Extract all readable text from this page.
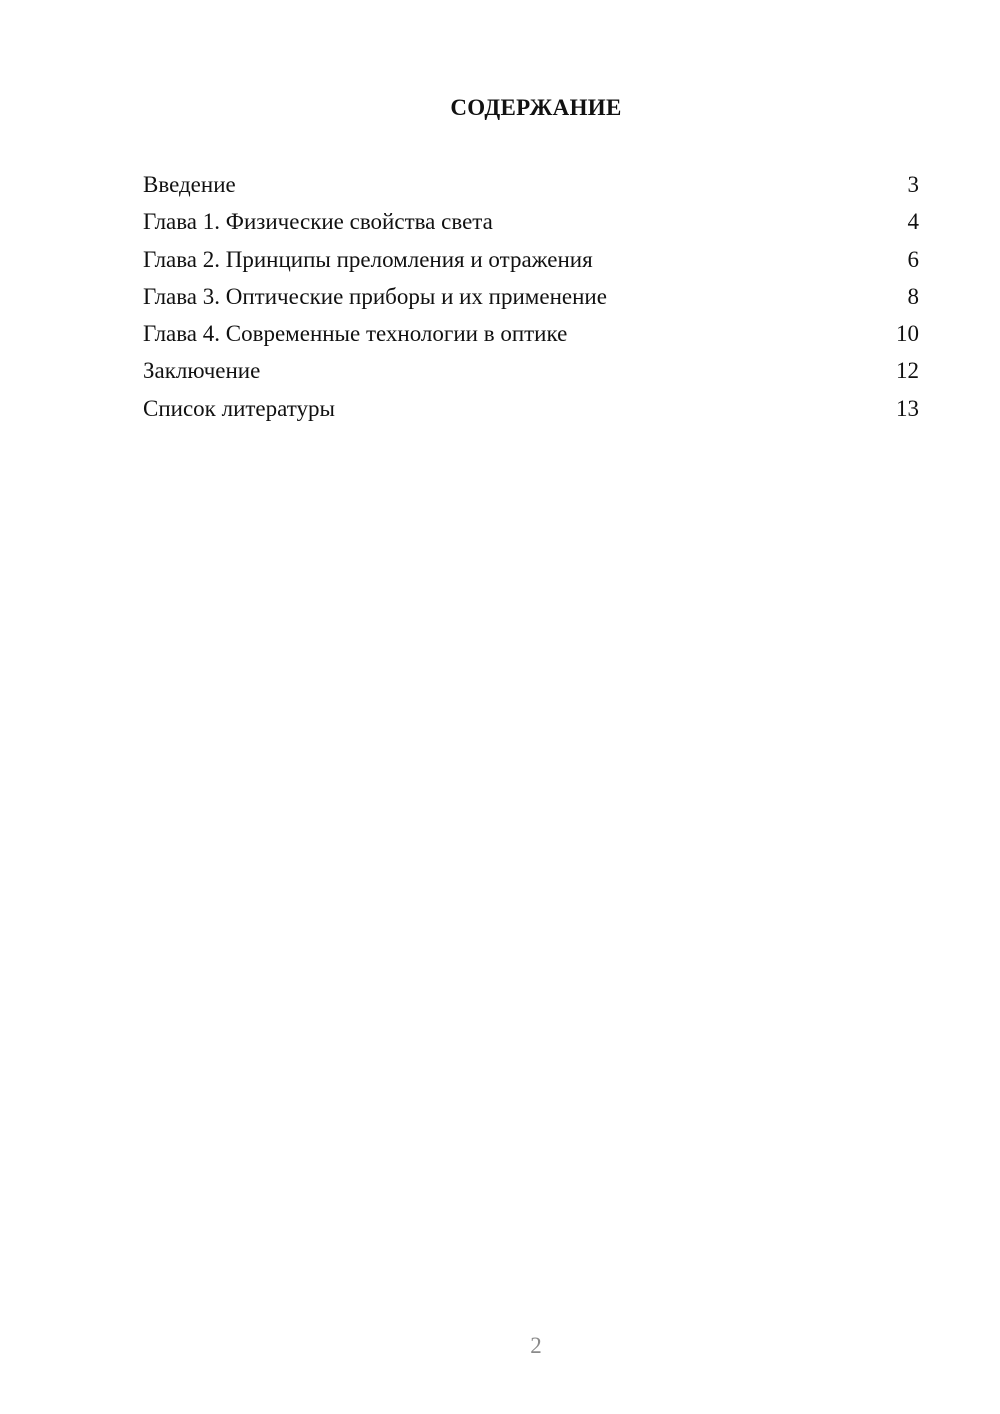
СОДЕРЖАНИЕ
Введение	3
Глава 1. Физические свойства света	4
Глава 2. Принципы преломления и отражения	6
Глава 3. Оптические приборы и их применение	8
Глава 4. Современные технологии в оптике	10
Заключение	12
Список литературы	13
2
